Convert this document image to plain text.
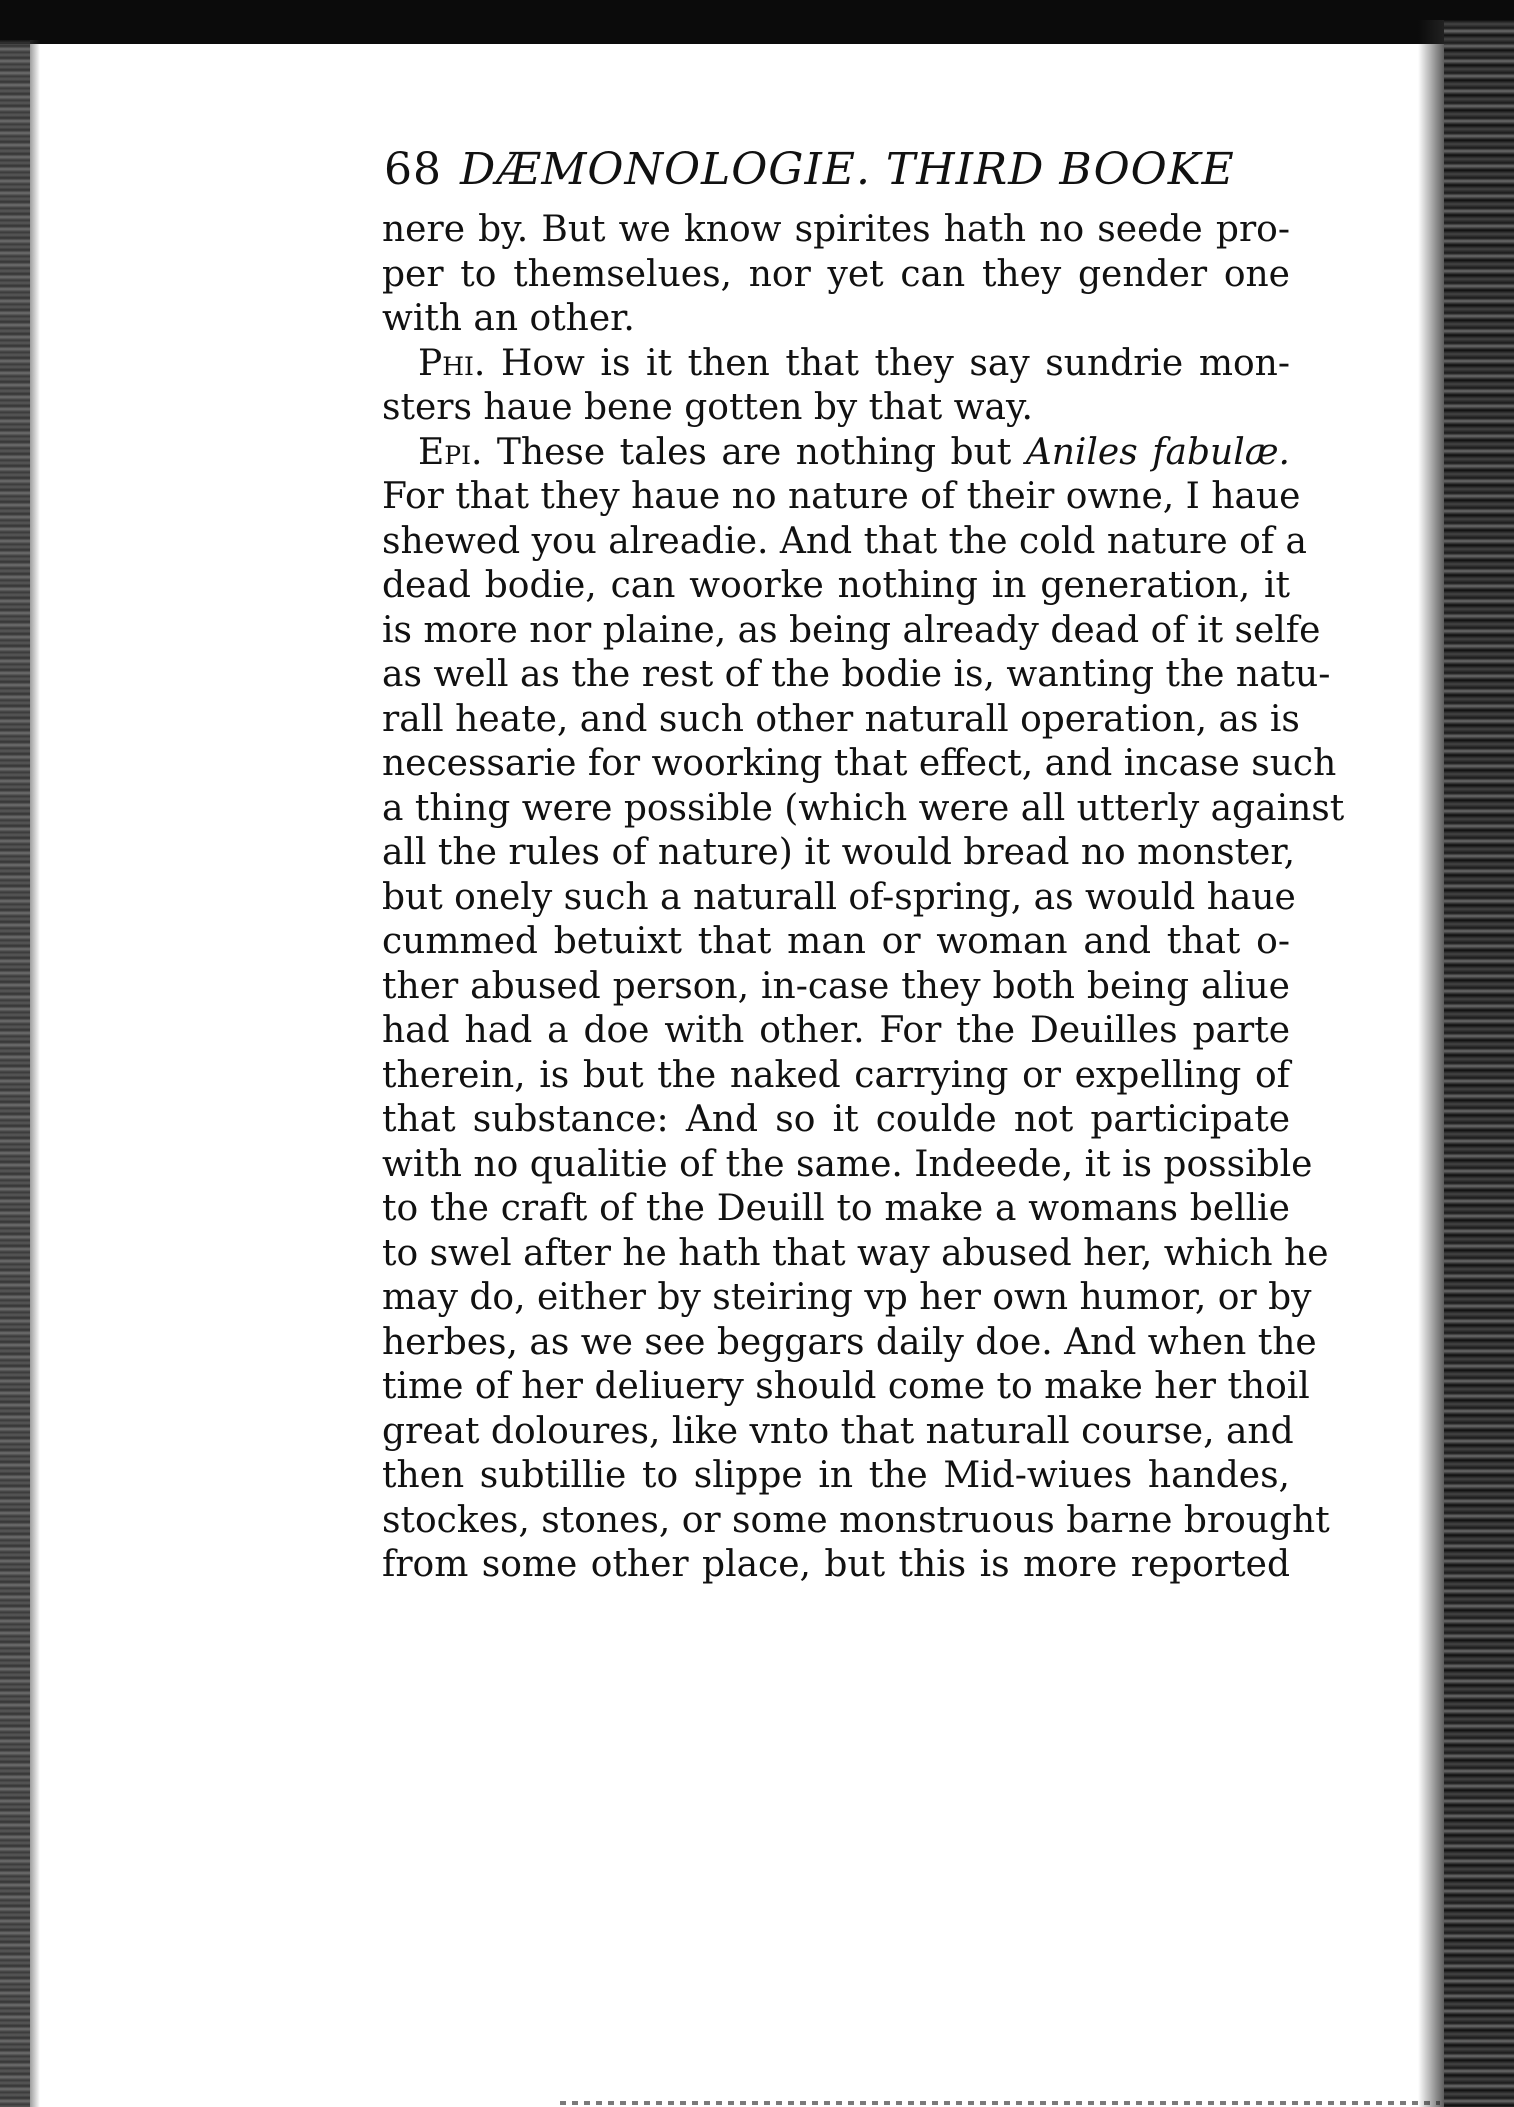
68 DÆMONOLOGIE. THIRD BOOKE
nere by. But we know spirites hath no seede pro-
per to themselues, nor yet can they gender one
with an other.
Phi. How is it then that they say sundrie mon-
sters haue bene gotten by that way.
Epi. These tales are nothing but Aniles fabulæ.
For that they haue no nature of their owne, I haue
shewed you alreadie. And that the cold nature of a
dead bodie, can woorke nothing in generation, it
is more nor plaine, as being already dead of it selfe
as well as the rest of the bodie is, wanting the natu-
rall heate, and such other naturall operation, as is
necessarie for woorking that effect, and incase such
a thing were possible (which were all utterly against
all the rules of nature) it would bread no monster,
but onely such a naturall of-spring, as would haue
cummed betuixt that man or woman and that o-
ther abused person, in-case they both being aliue
had had a doe with other. For the Deuilles parte
therein, is but the naked carrying or expelling of
that substance: And so it coulde not participate
with no qualitie of the same. Indeede, it is possible
to the craft of the Deuill to make a womans bellie
to swel after he hath that way abused her, which he
may do, either by steiring vp her own humor, or by
herbes, as we see beggars daily doe. And when the
time of her deliuery should come to make her thoil
great doloures, like vnto that naturall course, and
then subtillie to slippe in the Mid-wiues handes,
stockes, stones, or some monstruous barne brought
from some other place, but this is more reported
